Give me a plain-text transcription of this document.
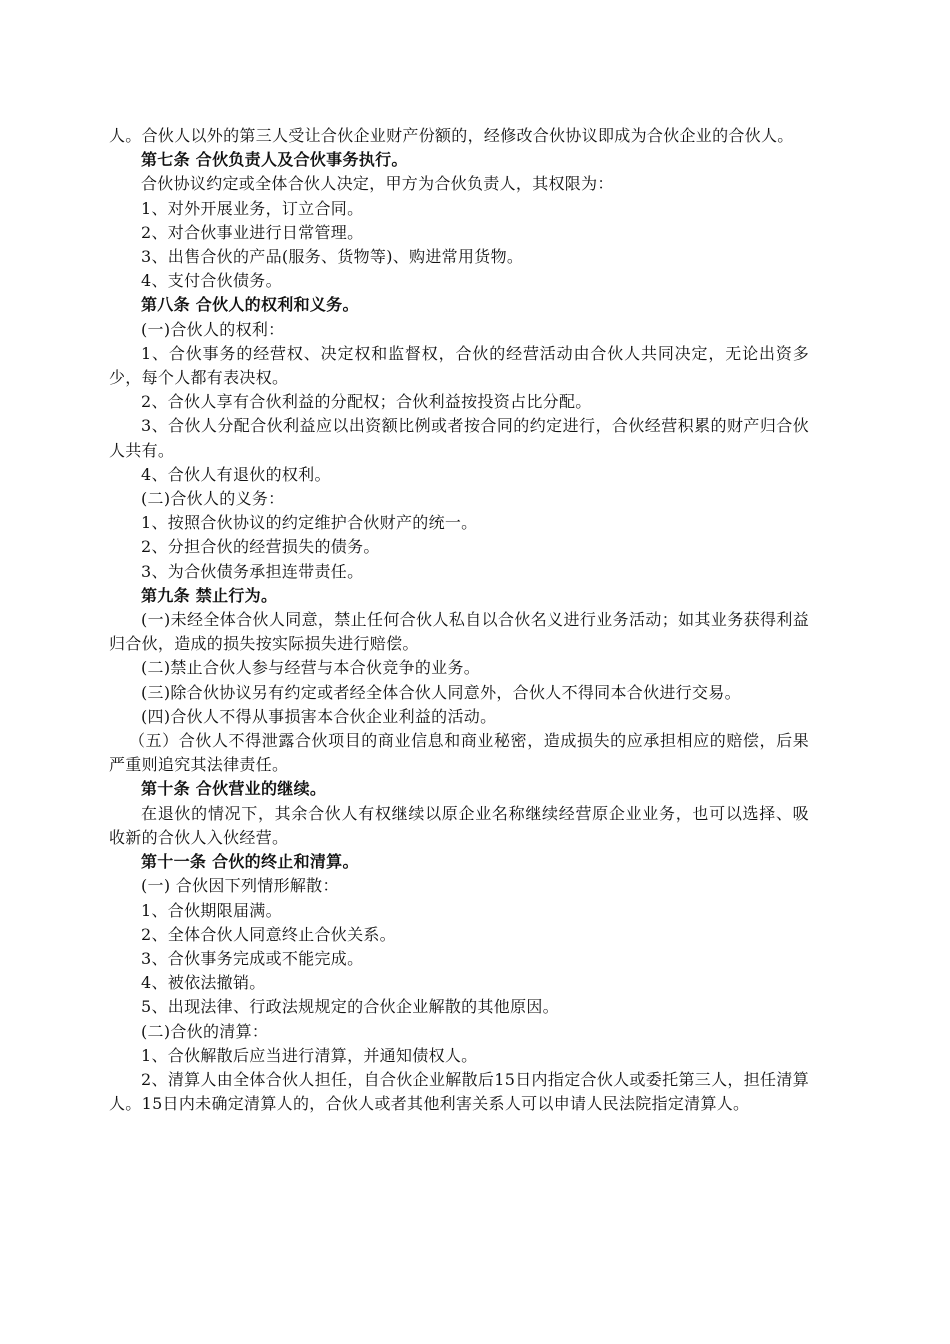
人。合伙人以外的第三人受让合伙企业财产份额的，经修改合伙协议即成为合伙企业的合伙人。

第七条 合伙负责人及合伙事务执行。

合伙协议约定或全体合伙人决定，甲方为合伙负责人，其权限为：

1、对外开展业务，订立合同。

2、对合伙事业进行日常管理。

3、出售合伙的产品(服务、货物等)、购进常用货物。

4、支付合伙债务。

第八条 合伙人的权利和义务。

(一)合伙人的权利：

1、合伙事务的经营权、决定权和监督权，合伙的经营活动由合伙人共同决定，无论出资多少，每个人都有表决权。

2、合伙人享有合伙利益的分配权；合伙利益按投资占比分配。

3、合伙人分配合伙利益应以出资额比例或者按合同的约定进行，合伙经营积累的财产归合伙人共有。

4、合伙人有退伙的权利。

(二)合伙人的义务：

1、按照合伙协议的约定维护合伙财产的统一。

2、分担合伙的经营损失的债务。

3、为合伙债务承担连带责任。

第九条 禁止行为。

(一)未经全体合伙人同意，禁止任何合伙人私自以合伙名义进行业务活动；如其业务获得利益归合伙，造成的损失按实际损失进行赔偿。

(二)禁止合伙人参与经营与本合伙竞争的业务。

(三)除合伙协议另有约定或者经全体合伙人同意外，合伙人不得同本合伙进行交易。

(四)合伙人不得从事损害本合伙企业利益的活动。

（五）合伙人不得泄露合伙项目的商业信息和商业秘密，造成损失的应承担相应的赔偿，后果严重则追究其法律责任。

第十条 合伙营业的继续。

在退伙的情况下，其余合伙人有权继续以原企业名称继续经营原企业业务，也可以选择、吸收新的合伙人入伙经营。

第十一条 合伙的终止和清算。

(一) 合伙因下列情形解散：

1、合伙期限届满。

2、全体合伙人同意终止合伙关系。

3、合伙事务完成或不能完成。

4、被依法撤销。

5、出现法律、行政法规规定的合伙企业解散的其他原因。

(二)合伙的清算：

1、合伙解散后应当进行清算，并通知债权人。

2、清算人由全体合伙人担任，自合伙企业解散后15日内指定合伙人或委托第三人，担任清算人。15日内未确定清算人的，合伙人或者其他利害关系人可以申请人民法院指定清算人。
